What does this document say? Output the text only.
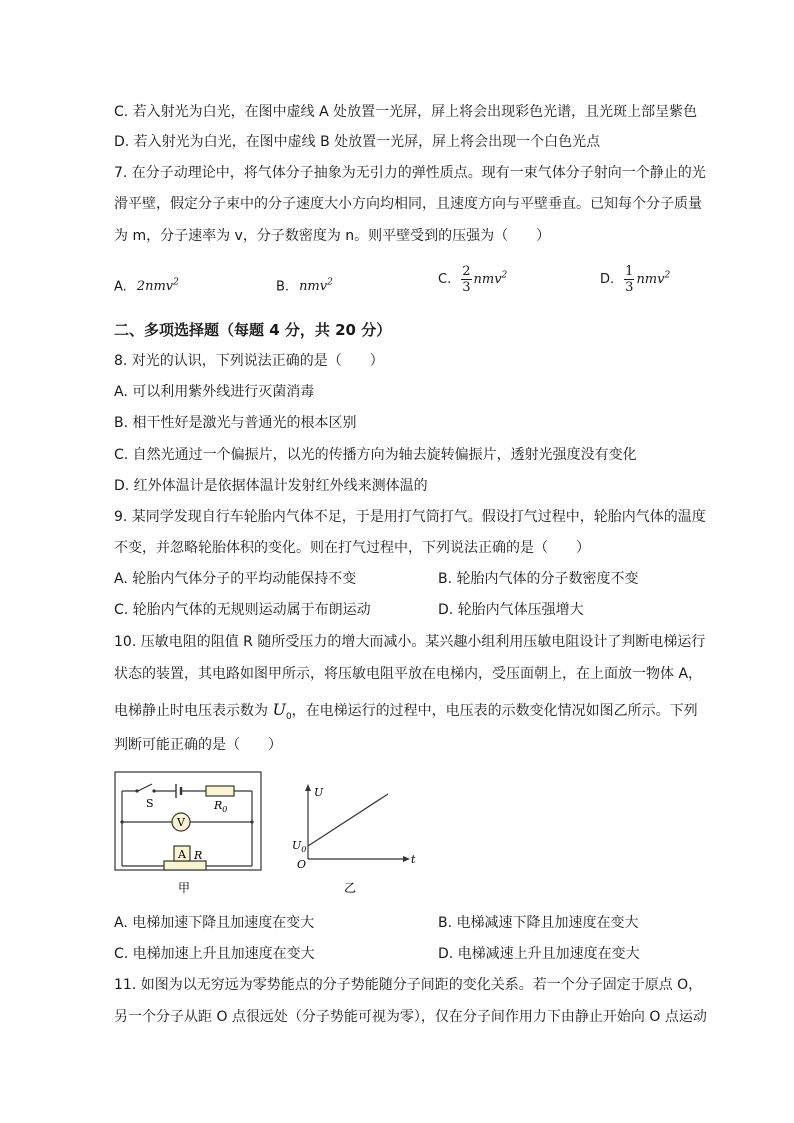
C. 若入射光为白光，在图中虚线 A 处放置一光屏，屏上将会出现彩色光谱，且光斑上部呈紫色
D. 若入射光为白光，在图中虚线 B 处放置一光屏，屏上将会出现一个白色光点
7. 在分子动理论中，将气体分子抽象为无引力的弹性质点。现有一束气体分子射向一个静止的光
滑平壁，假定分子束中的分子速度大小方向均相同，且速度方向与平壁垂直。已知每个分子质量
为 m，分子速率为 v，分子数密度为 n。则平壁受到的压强为（　　）
A. 2nmv$^2$	B. nmv$^2$	C. $\frac{2}{3} nmv^2$	D. $\frac{1}{3} nmv^2$
二、多项选择题（每题 4 分，共 20 分）
8. 对光的认识，下列说法正确的是（　　）
A. 可以利用紫外线进行灭菌消毒
B. 相干性好是激光与普通光的根本区别
C. 自然光通过一个偏振片，以光的传播方向为轴去旋转偏振片，透射光强度没有变化
D. 红外体温计是依据体温计发射红外线来测体温的
9. 某同学发现自行车轮胎内气体不足，于是用打气筒打气。假设打气过程中，轮胎内气体的温度
不变，并忽略轮胎体积的变化。则在打气过程中，下列说法正确的是（　　）
A. 轮胎内气体分子的平均动能保持不变	B. 轮胎内气体的分子数密度不变
C. 轮胎内气体的无规则运动属于布朗运动	D. 轮胎内气体压强增大
10. 压敏电阻的阻值 R 随所受压力的增大而减小。某兴趣小组利用压敏电阻设计了判断电梯运行
状态的装置，其电路如图甲所示，将压敏电阻平放在电梯内，受压面朝上，在上面放一物体 A，
电梯静止时电压表示数为 $U_0$，在电梯运行的过程中，电压表的示数变化情况如图乙所示。下列
判断可能正确的是（　　）
S	$R_0$
V
A R
甲
U
t
O
$U_0$
乙
A. 电梯加速下降且加速度在变大	B. 电梯减速下降且加速度在变大
C. 电梯加速上升且加速度在变大	D. 电梯减速上升且加速度在变大
11. 如图为以无穷远为零势能点的分子势能随分子间距的变化关系。若一个分子固定于原点 O，
另一个分子从距 O 点很远处（分子势能可视为零），仅在分子间作用力下由静止开始向 O 点运动
